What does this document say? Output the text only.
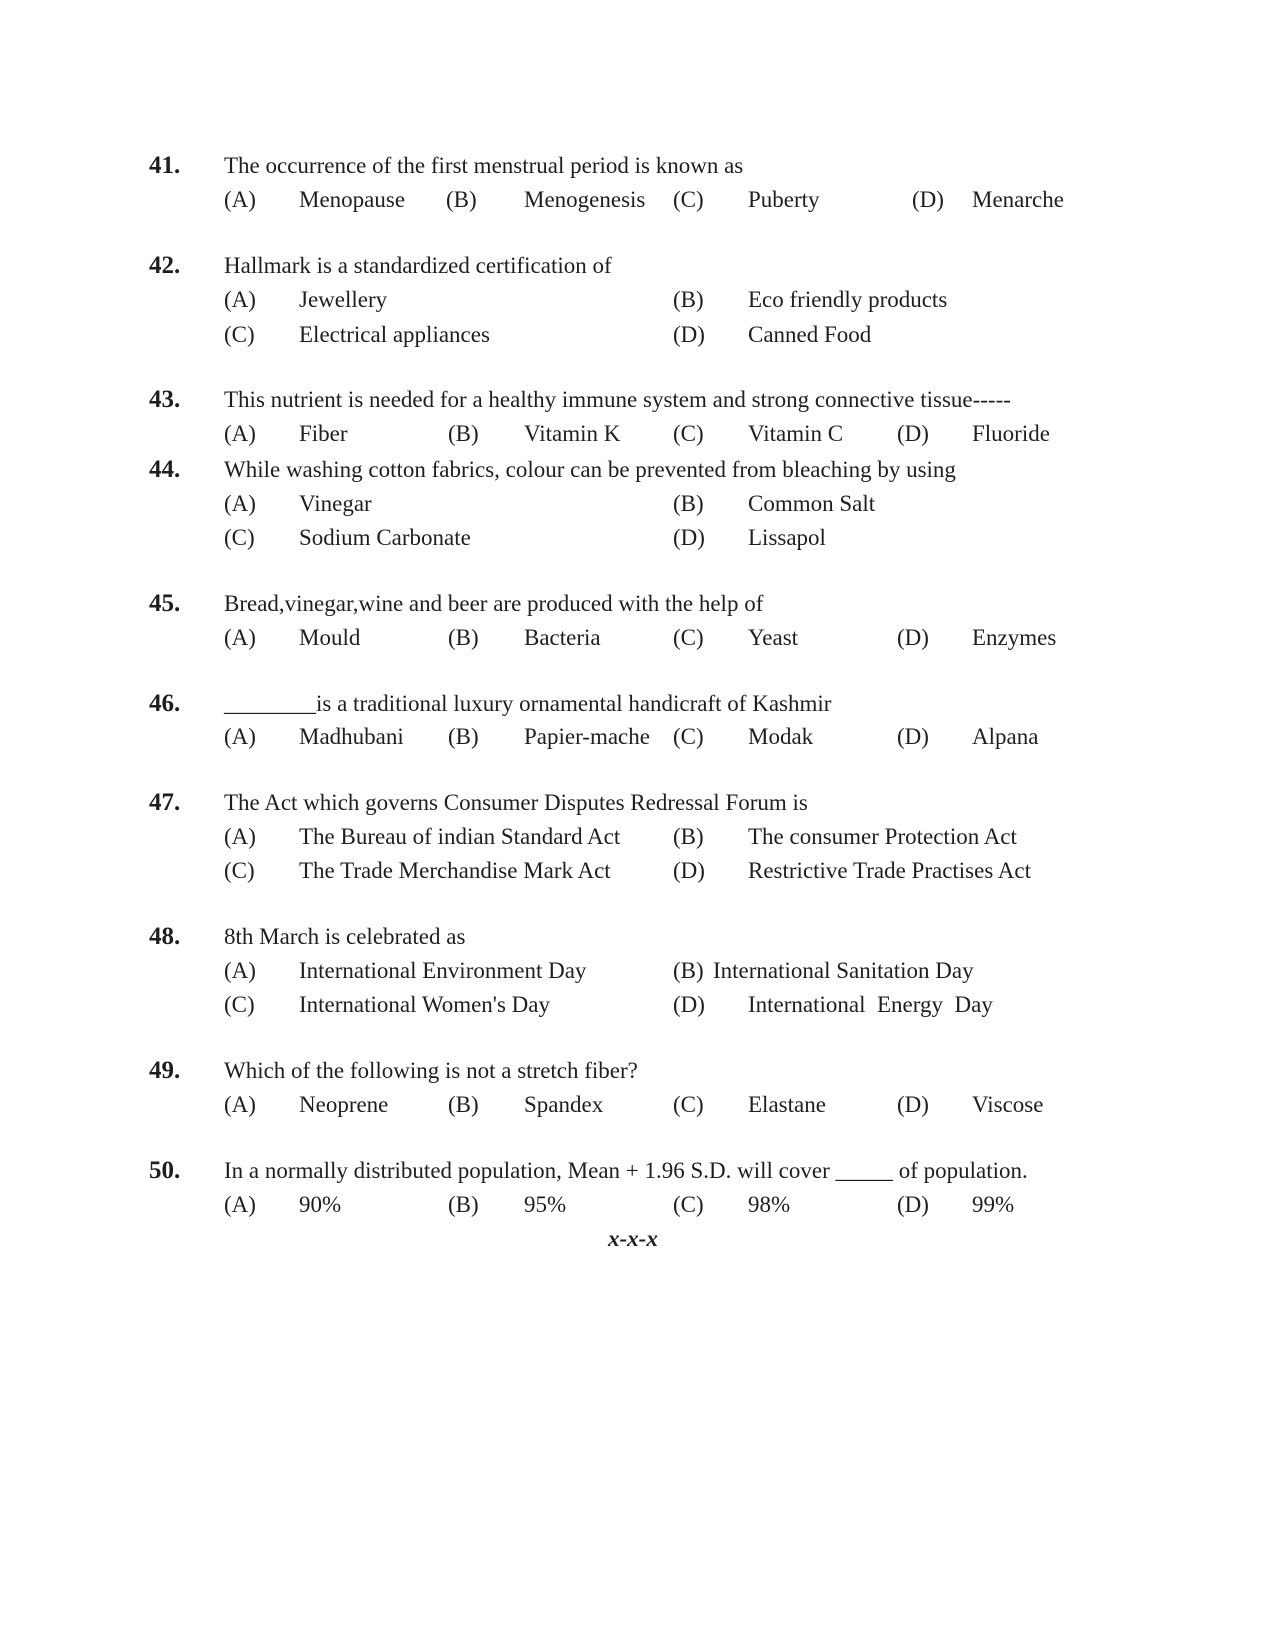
41. The occurrence of the first menstrual period is known as
(A) Menopause (B) Menogenesis (C) Puberty	(D) Menarche
42. Hallmark is a standardized certification of
(A) Jewellery	(B) Eco friendly products
(C) Electrical appliances	(D) Canned Food
43. This nutrient is needed for a healthy immune system and strong connective tissue-----
(A) Fiber	(B) Vitamin K (C) Vitamin C (D) Fluoride
44. While washing cotton fabrics, colour can be prevented from bleaching by using
(A) Vinegar	(B) Common Salt
(C) Sodium Carbonate	(D) Lissapol
45. Bread,vinegar,wine and beer are produced with the help of
(A) Mould	(B) Bacteria	(C) Yeast	(D) Enzymes
46. ________is a traditional luxury ornamental handicraft of Kashmir
(A) Madhubani (B) Papier-mache (C) Modak	(D) Alpana
47. The Act which governs Consumer Disputes Redressal Forum is
(A) The Bureau of indian Standard Act (B) The consumer Protection Act
(C) The Trade Merchandise Mark Act	(D) Restrictive Trade Practises Act
48. 8th March is celebrated as
(A) International Environment Day	(B) International Sanitation Day
(C) International Women's Day	(D) International  Energy  Day
49. Which of the following is not a stretch fiber?
(A) Neoprene	(B) Spandex	(C) Elastane	(D) Viscose
50. In a normally distributed population, Mean + 1.96 S.D. will cover _____ of population.
(A) 90%	(B) 95%	(C) 98%	(D) 99%
x-x-x
